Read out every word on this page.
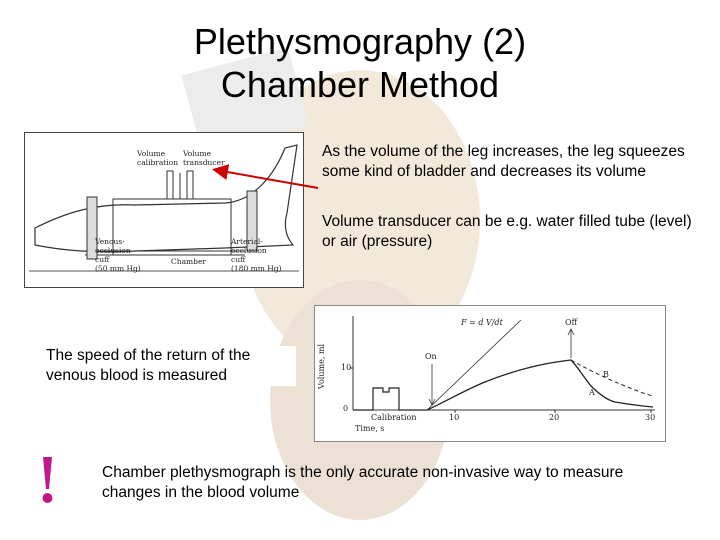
Plethysmography (2)
Chamber Method
Volume
calibration
Volume
transducer
Venous-
occlusion
cuff
(50 mm Hg)
Chamber
Arterial-
occlusion
cuff
(180 mm Hg)
As the volume of the leg increases, the leg squeezes some kind of bladder and decreases its volume
Volume transducer can be e.g. water filled tube (level) or air (pressure)
F = d V/dt	Off
On
B
A
Volume, ml 10
0
Calibration	10	20	30
Time, s
The speed of the return of the venous blood is measured
Chamber plethysmograph is the only accurate non-invasive way to measure changes in the blood volume
